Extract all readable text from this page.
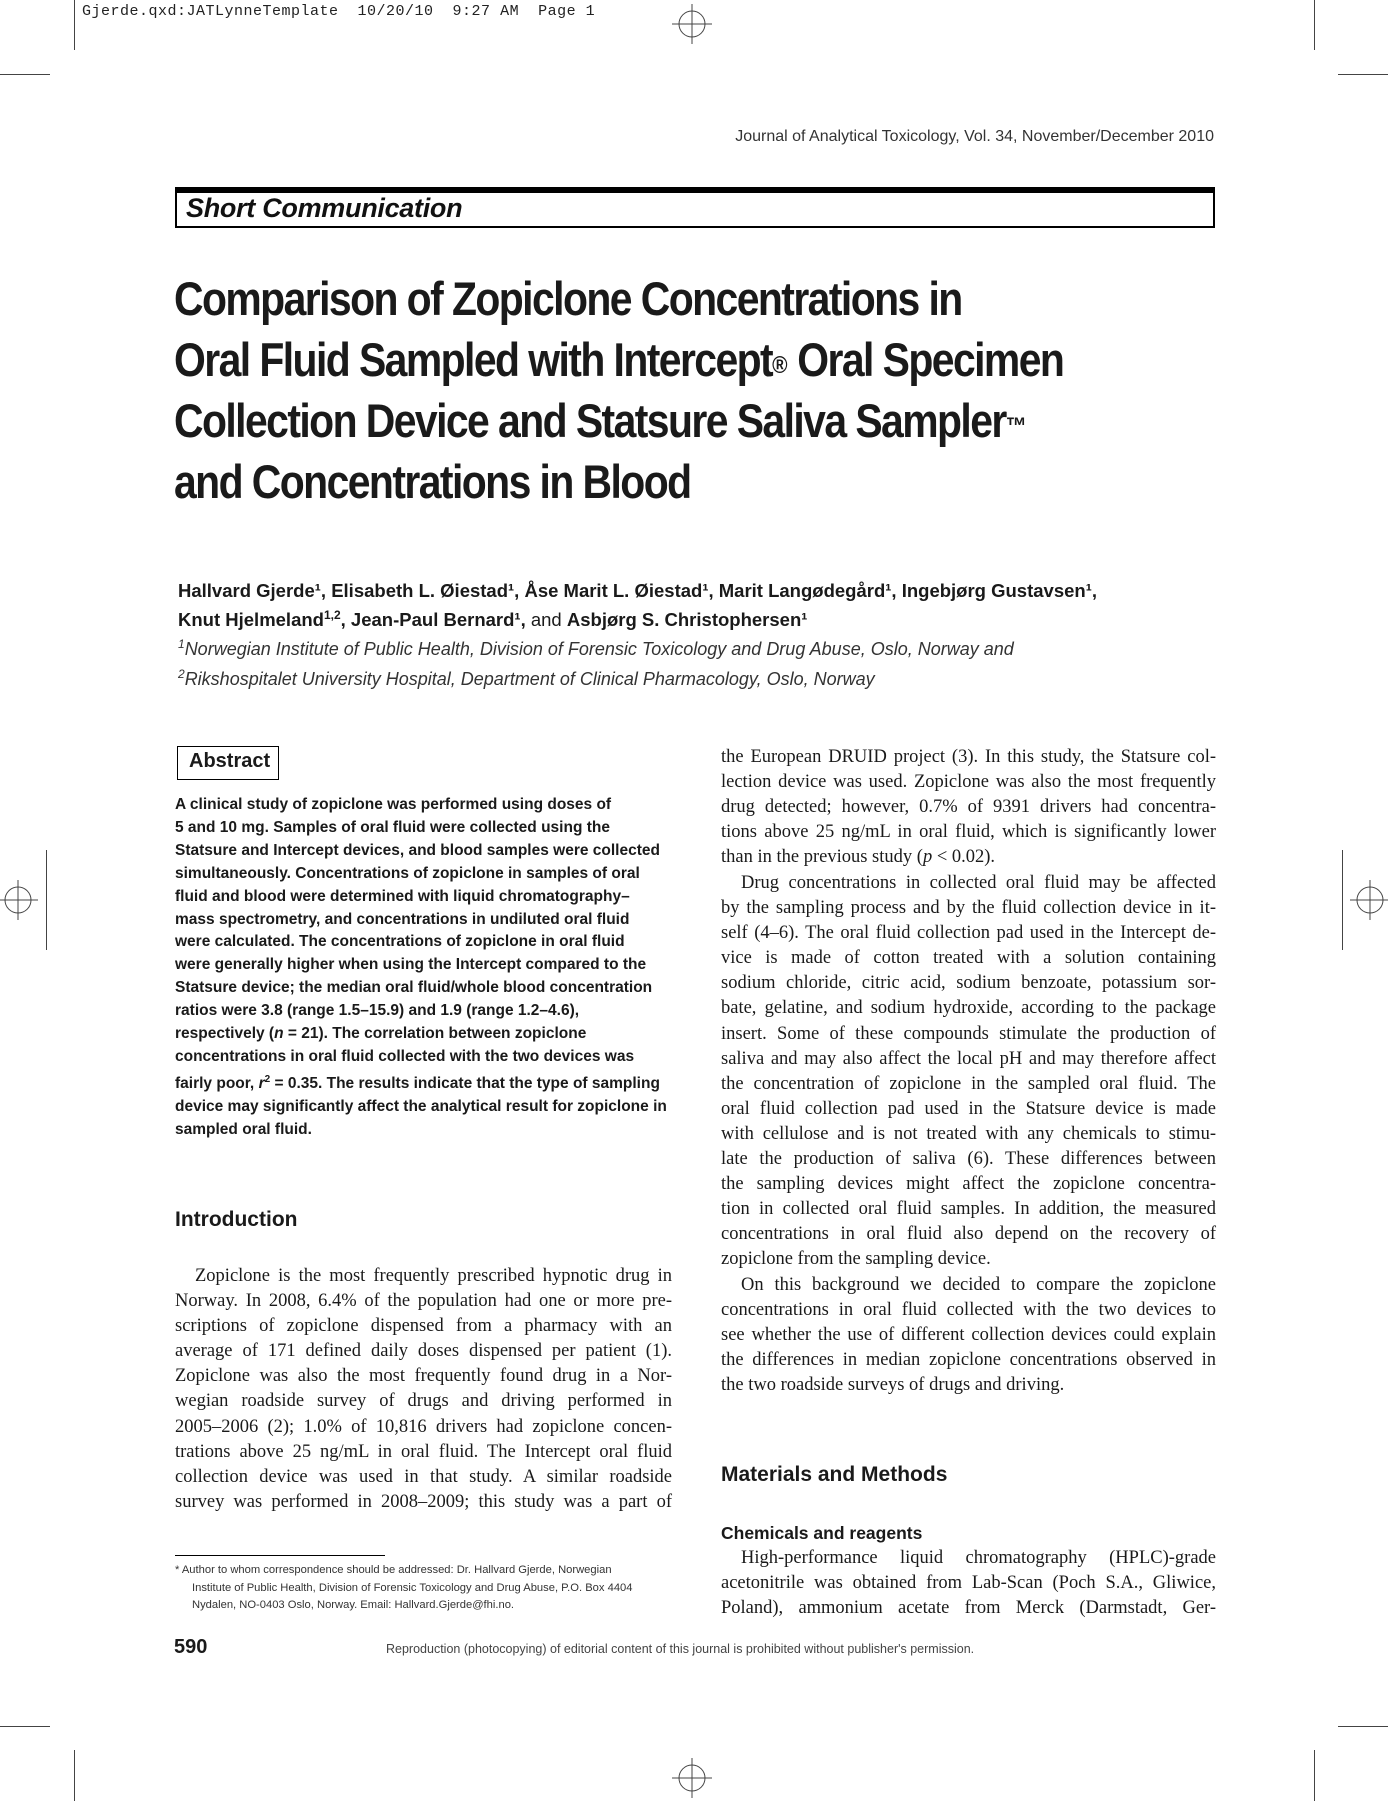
Gjerde.qxd:JATLynneTemplate  10/20/10  9:27 AM  Page 1
Journal of Analytical Toxicology, Vol. 34, November/December 2010
Short Communication
Comparison of Zopiclone Concentrations in
Oral Fluid Sampled with Intercept® Oral Specimen
Collection Device and Statsure Saliva Sampler™
and Concentrations in Blood
Hallvard Gjerde¹, Elisabeth L. Øiestad¹, Åse Marit L. Øiestad¹, Marit Langødegård¹, Ingebjørg Gustavsen¹,
Knut Hjelmeland$^{1,2}$, Jean-Paul Bernard¹, and Asbjørg S. Christophersen¹
$^1$Norwegian Institute of Public Health, Division of Forensic Toxicology and Drug Abuse, Oslo, Norway and
$^2$Rikshospitalet University Hospital, Department of Clinical Pharmacology, Oslo, Norway
Abstract
A clinical study of zopiclone was performed using doses of
5 and 10 mg. Samples of oral fluid were collected using the
Statsure and Intercept devices, and blood samples were collected
simultaneously. Concentrations of zopiclone in samples of oral
fluid and blood were determined with liquid chromatography–
mass spectrometry, and concentrations in undiluted oral fluid
were calculated. The concentrations of zopiclone in oral fluid
were generally higher when using the Intercept compared to the
Statsure device; the median oral fluid/whole blood concentration
ratios were 3.8 (range 1.5–15.9) and 1.9 (range 1.2–4.6),
respectively (n = 21). The correlation between zopiclone
concentrations in oral fluid collected with the two devices was
fairly poor, $r^2 = 0.35$. The results indicate that the type of sampling
device may significantly affect the analytical result for zopiclone in
sampled oral fluid.
Introduction
Zopiclone is the most frequently prescribed hypnotic drug in
Norway. In 2008, 6.4% of the population had one or more pre-
scriptions of zopiclone dispensed from a pharmacy with an
average of 171 defined daily doses dispensed per patient (1).
Zopiclone was also the most frequently found drug in a Nor-
wegian roadside survey of drugs and driving performed in
2005–2006 (2); 1.0% of 10,816 drivers had zopiclone concen-
trations above 25 ng/mL in oral fluid. The Intercept oral fluid
collection device was used in that study. A similar roadside
survey was performed in 2008–2009; this study was a part of
* Author to whom correspondence should be addressed: Dr. Hallvard Gjerde, Norwegian
Institute of Public Health, Division of Forensic Toxicology and Drug Abuse, P.O. Box 4404
Nydalen, NO-0403 Oslo, Norway. Email: Hallvard.Gjerde@fhi.no.
the European DRUID project (3). In this study, the Statsure col-
lection device was used. Zopiclone was also the most frequently
drug detected; however, 0.7% of 9391 drivers had concentra-
tions above 25 ng/mL in oral fluid, which is significantly lower
than in the previous study (p < 0.02).
Drug concentrations in collected oral fluid may be affected
by the sampling process and by the fluid collection device in it-
self (4–6). The oral fluid collection pad used in the Intercept de-
vice is made of cotton treated with a solution containing
sodium chloride, citric acid, sodium benzoate, potassium sor-
bate, gelatine, and sodium hydroxide, according to the package
insert. Some of these compounds stimulate the production of
saliva and may also affect the local pH and may therefore affect
the concentration of zopiclone in the sampled oral fluid. The
oral fluid collection pad used in the Statsure device is made
with cellulose and is not treated with any chemicals to stimu-
late the production of saliva (6). These differences between
the sampling devices might affect the zopiclone concentra-
tion in collected oral fluid samples. In addition, the measured
concentrations in oral fluid also depend on the recovery of
zopiclone from the sampling device.
On this background we decided to compare the zopiclone
concentrations in oral fluid collected with the two devices to
see whether the use of different collection devices could explain
the differences in median zopiclone concentrations observed in
the two roadside surveys of drugs and driving.
Materials and Methods
Chemicals and reagents
High-performance liquid chromatography (HPLC)-grade
acetonitrile was obtained from Lab-Scan (Poch S.A., Gliwice,
Poland), ammonium acetate from Merck (Darmstadt, Ger-
590	Reproduction (photocopying) of editorial content of this journal is prohibited without publisher's permission.
